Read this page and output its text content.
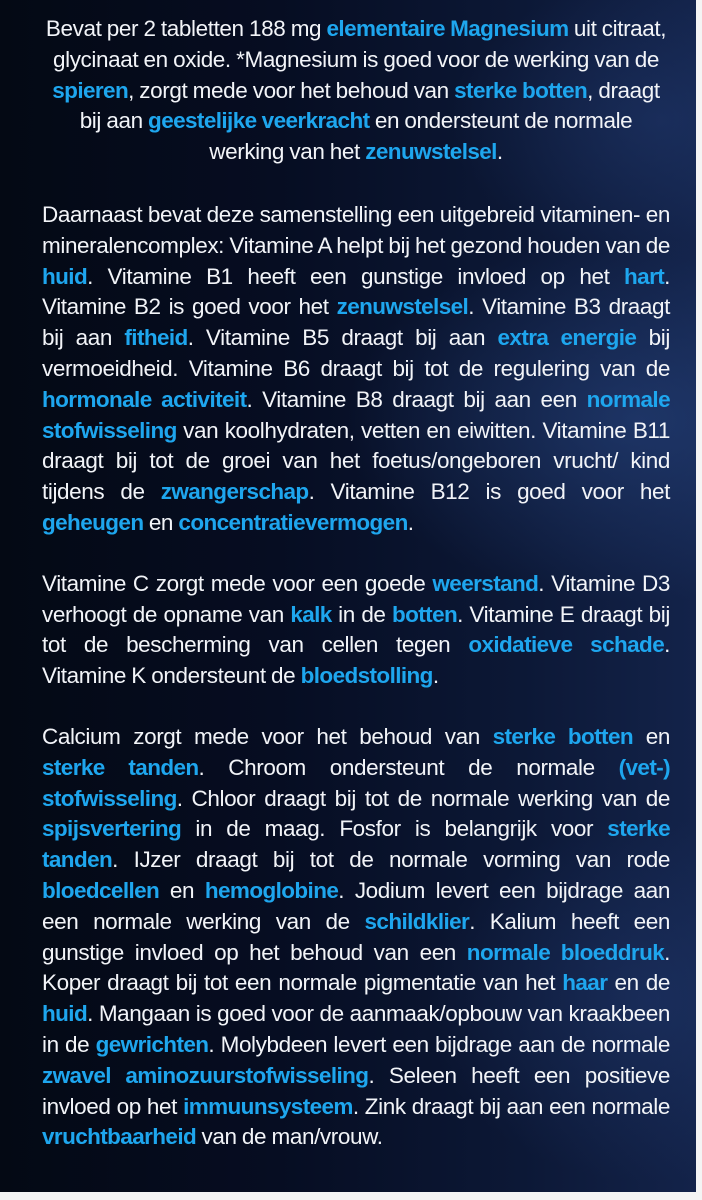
Bevat per 2 tabletten 188 mg elementaire Magnesium uit citraat, glycinaat en oxide. *Magnesium is goed voor de werking van de spieren, zorgt mede voor het behoud van sterke botten, draagt bij aan geestelijke veerkracht en ondersteunt de normale werking van het zenuwstelsel.

Daarnaast bevat deze samenstelling een uitgebreid vitaminen- en mineralencomplex: Vitamine A helpt bij het gezond houden van de huid. Vitamine B1 heeft een gunstige invloed op het hart. Vitamine B2 is goed voor het zenuwstelsel. Vitamine B3 draagt bij aan fitheid. Vitamine B5 draagt bij aan extra energie bij vermoeidheid. Vitamine B6 draagt bij tot de regulering van de hormonale activiteit. Vitamine B8 draagt bij aan een normale stofwisseling van koolhydraten, vetten en eiwitten. Vitamine B11 draagt bij tot de groei van het foetus/ongeboren vrucht/ kind tijdens de zwangerschap. Vitamine B12 is goed voor het geheugen en concentratievermogen.

Vitamine C zorgt mede voor een goede weerstand. Vitamine D3 verhoogt de opname van kalk in de botten. Vitamine E draagt bij tot de bescherming van cellen tegen oxidatieve schade. Vitamine K ondersteunt de bloedstolling.

Calcium zorgt mede voor het behoud van sterke botten en sterke tanden. Chroom ondersteunt de normale (vet-) stofwisseling. Chloor draagt bij tot de normale werking van de spijsvertering in de maag. Fosfor is belangrijk voor sterke tanden. IJzer draagt bij tot de normale vorming van rode bloedcellen en hemoglobine. Jodium levert een bijdrage aan een normale werking van de schildklier. Kalium heeft een gunstige invloed op het behoud van een normale bloeddruk. Koper draagt bij tot een normale pigmentatie van het haar en de huid. Mangaan is goed voor de aanmaak/opbouw van kraakbeen in de gewrichten. Molybdeen levert een bijdrage aan de normale zwavel aminozuurstofwisseling. Seleen heeft een positieve invloed op het immuunsysteem. Zink draagt bij aan een normale vruchtbaarheid van de man/vrouw.
